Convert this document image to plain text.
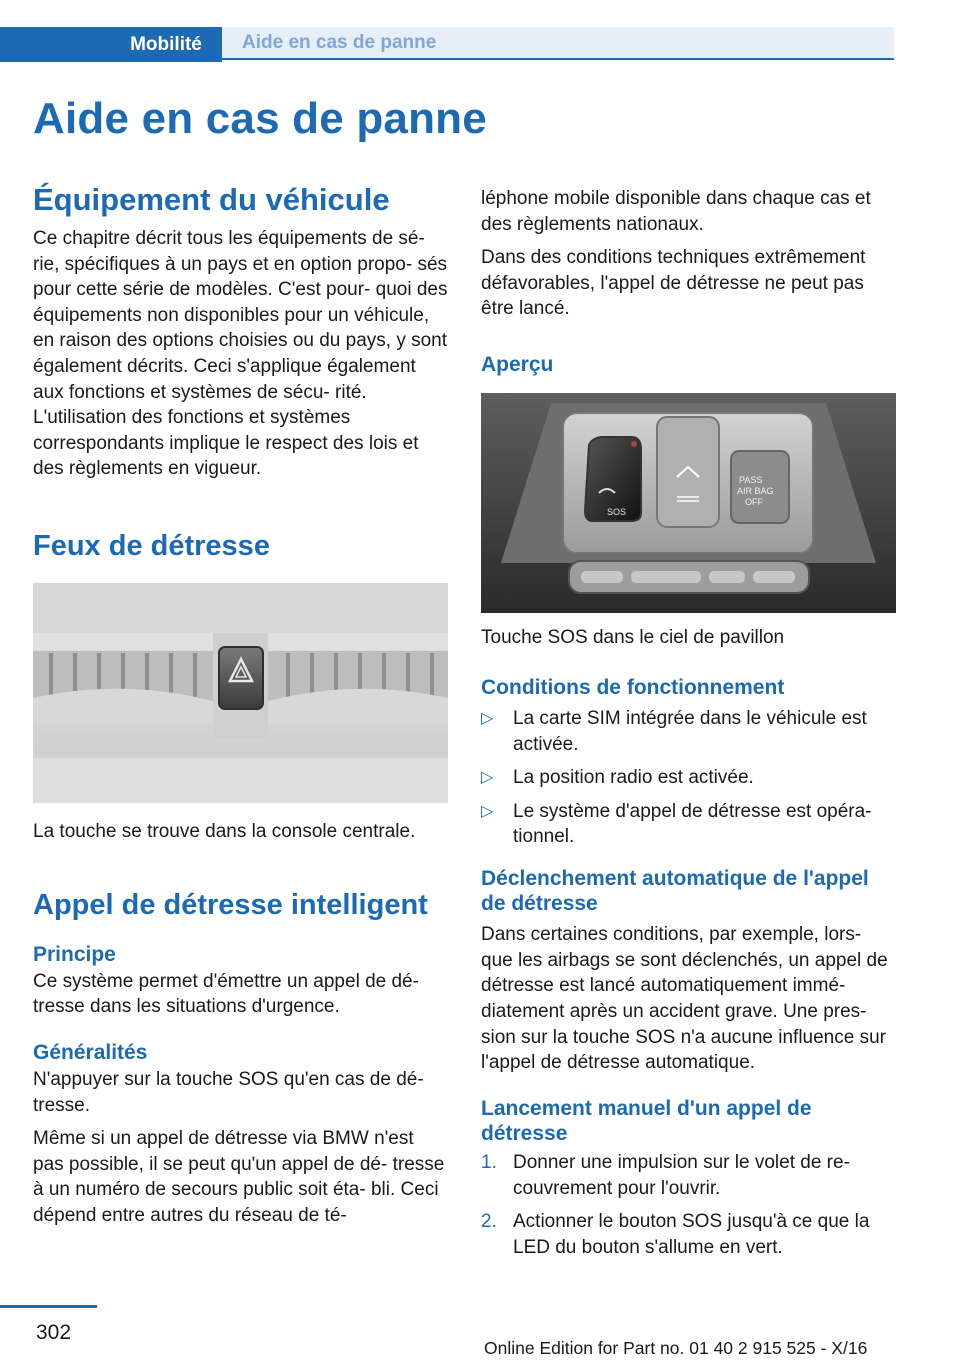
Mobilité	Aide en cas de panne
Aide en cas de panne
Équipement du véhicule

Ce chapitre décrit tous les équipements de sé‐ rie, spécifiques à un pays et en option propo‐ sés pour cette série de modèles. C'est pour‐ quoi des équipements non disponibles pour un véhicule, en raison des options choisies ou du pays, y sont également décrits. Ceci s'applique également aux fonctions et systèmes de sécu‐ rité. L'utilisation des fonctions et systèmes correspondants implique le respect des lois et des règlements en vigueur.

Feux de détresse

La touche se trouve dans la console centrale.

Appel de détresse intelligent
Principe

Ce système permet d'émettre un appel de dé‐ tresse dans les situations d'urgence.

Généralités

N'appuyer sur la touche SOS qu'en cas de dé‐ tresse.

Même si un appel de détresse via BMW n'est pas possible, il se peut qu'un appel de dé‐ tresse à un numéro de secours public soit éta‐ bli. Ceci dépend entre autres du réseau de té‐

léphone mobile disponible dans chaque cas et des règlements nationaux.

Dans des conditions techniques extrêmement défavorables, l'appel de détresse ne peut pas être lancé.

Aperçu
SOS
PASS
AIR BAG
OFF

Touche SOS dans le ciel de pavillon

Conditions de fonctionnement
▷ La carte SIM intégrée dans le véhicule est activée.
▷ La position radio est activée.
▷ Le système d'appel de détresse est opéra‐ tionnel.
Déclenchement automatique de l'appel de détresse

Dans certaines conditions, par exemple, lors‐ que les airbags se sont déclenchés, un appel de détresse est lancé automatiquement immé‐ diatement après un accident grave. Une pres‐ sion sur la touche SOS n'a aucune influence sur l'appel de détresse automatique.

Lancement manuel d'un appel de détresse
1. Donner une impulsion sur le volet de re‐ couvrement pour l'ouvrir.
2. Actionner le bouton SOS jusqu'à ce que la LED du bouton s'allume en vert.
302
Online Edition for Part no. 01 40 2 915 525 - X/16
